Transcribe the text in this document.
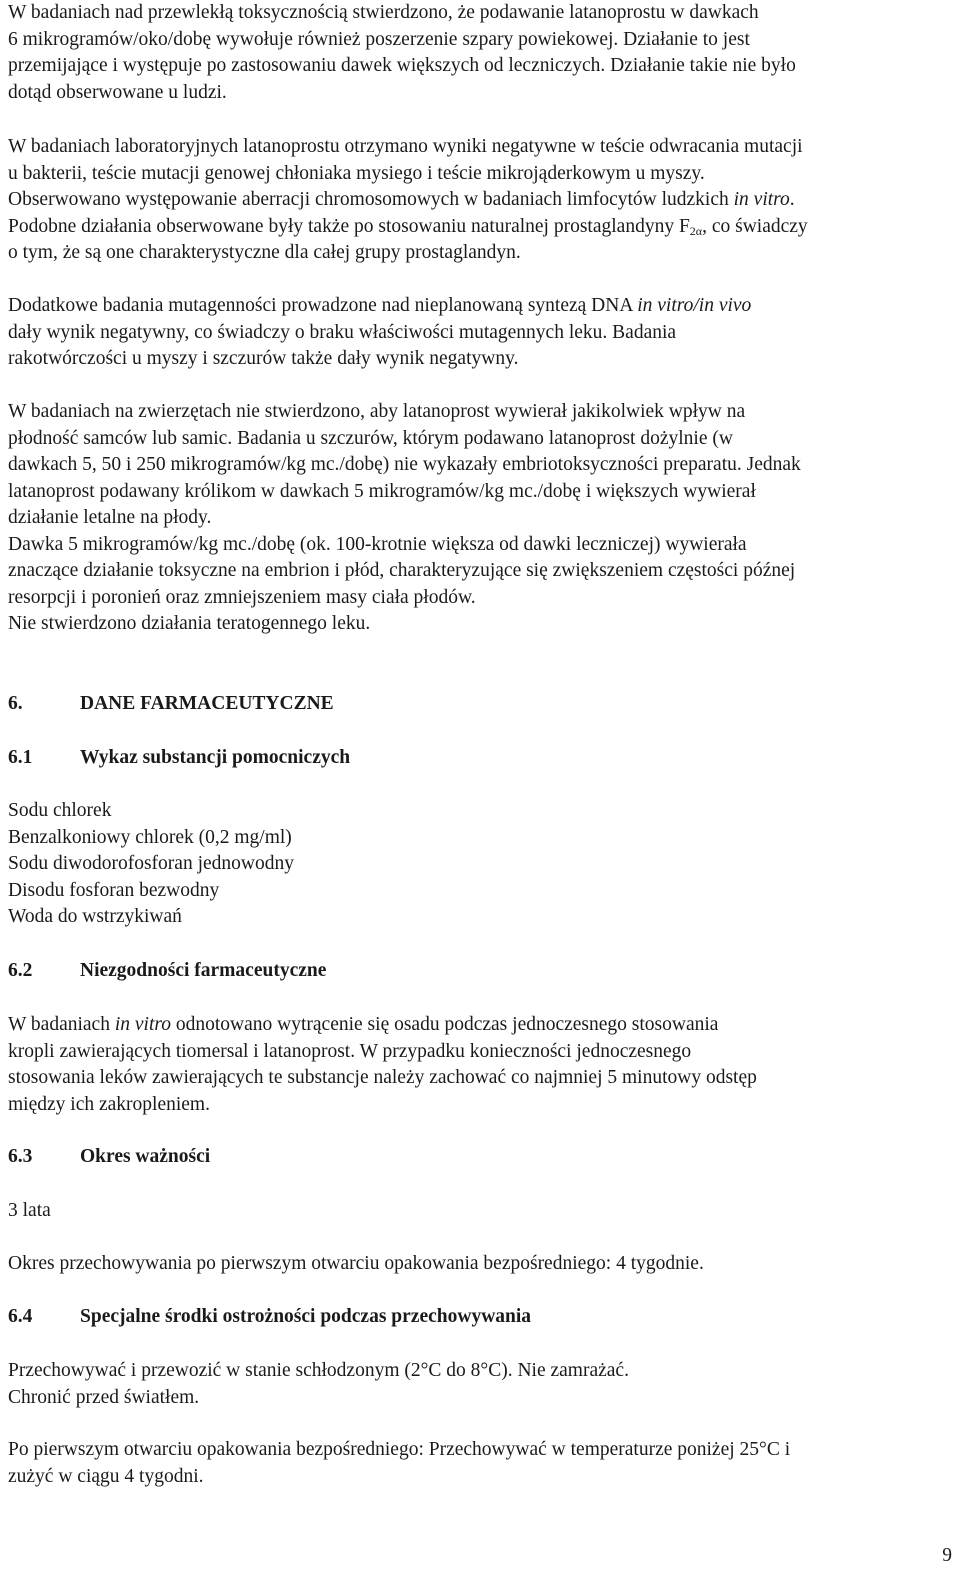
W badaniach nad przewlekłą toksycznością stwierdzono, że podawanie latanoprostu w dawkach
6 mikrogramów/oko/dobę wywołuje również poszerzenie szpary powiekowej. Działanie to jest
przemijające i występuje po zastosowaniu dawek większych od leczniczych. Działanie takie nie było
dotąd obserwowane u ludzi.
W badaniach laboratoryjnych latanoprostu otrzymano wyniki negatywne w teście odwracania mutacji
u bakterii, teście mutacji genowej chłoniaka mysiego i teście mikrojąderkowym u myszy.
Obserwowano występowanie aberracji chromosomowych w badaniach limfocytów ludzkich in vitro.
Podobne działania obserwowane były także po stosowaniu naturalnej prostaglandyny $F_{2\alpha}$, co świadczy
o tym, że są one charakterystyczne dla całej grupy prostaglandyn.
Dodatkowe badania mutagenności prowadzone nad nieplanowaną syntezą DNA in vitro/in vivo
dały wynik negatywny, co świadczy o braku właściwości mutagennych leku. Badania
rakotwórczości u myszy i szczurów także dały wynik negatywny.
W badaniach na zwierzętach nie stwierdzono, aby latanoprost wywierał jakikolwiek wpływ na
płodność samców lub samic. Badania u szczurów, którym podawano latanoprost dożylnie (w
dawkach 5, 50 i 250 mikrogramów/kg mc./dobę) nie wykazały embriotoksyczności preparatu. Jednak
latanoprost podawany królikom w dawkach 5 mikrogramów/kg mc./dobę i większych wywierał
działanie letalne na płody.
Dawka 5 mikrogramów/kg mc./dobę (ok. 100-krotnie większa od dawki leczniczej) wywierała
znaczące działanie toksyczne na embrion i płód, charakteryzujące się zwiększeniem częstości późnej
resorpcji i poronień oraz zmniejszeniem masy ciała płodów.
Nie stwierdzono działania teratogennego leku.
6.	DANE FARMACEUTYCZNE
6.1 Wykaz substancji pomocniczych
Sodu chlorek
Benzalkoniowy chlorek (0,2 mg/ml)
Sodu diwodorofosforan jednowodny
Disodu fosforan bezwodny
Woda do wstrzykiwań
6.2 Niezgodności farmaceutyczne
W badaniach in vitro odnotowano wytrącenie się osadu podczas jednoczesnego stosowania
kropli zawierających tiomersal i latanoprost. W przypadku konieczności jednoczesnego
stosowania leków zawierających te substancje należy zachować co najmniej 5 minutowy odstęp
między ich zakropleniem.
6.3 Okres ważności
3 lata
Okres przechowywania po pierwszym otwarciu opakowania bezpośredniego: 4 tygodnie.
6.4 Specjalne środki ostrożności podczas przechowywania
Przechowywać i przewozić w stanie schłodzonym (2°C do 8°C). Nie zamrażać.
Chronić przed światłem.
Po pierwszym otwarciu opakowania bezpośredniego: Przechowywać w temperaturze poniżej 25°C i
zużyć w ciągu 4 tygodni.
9
